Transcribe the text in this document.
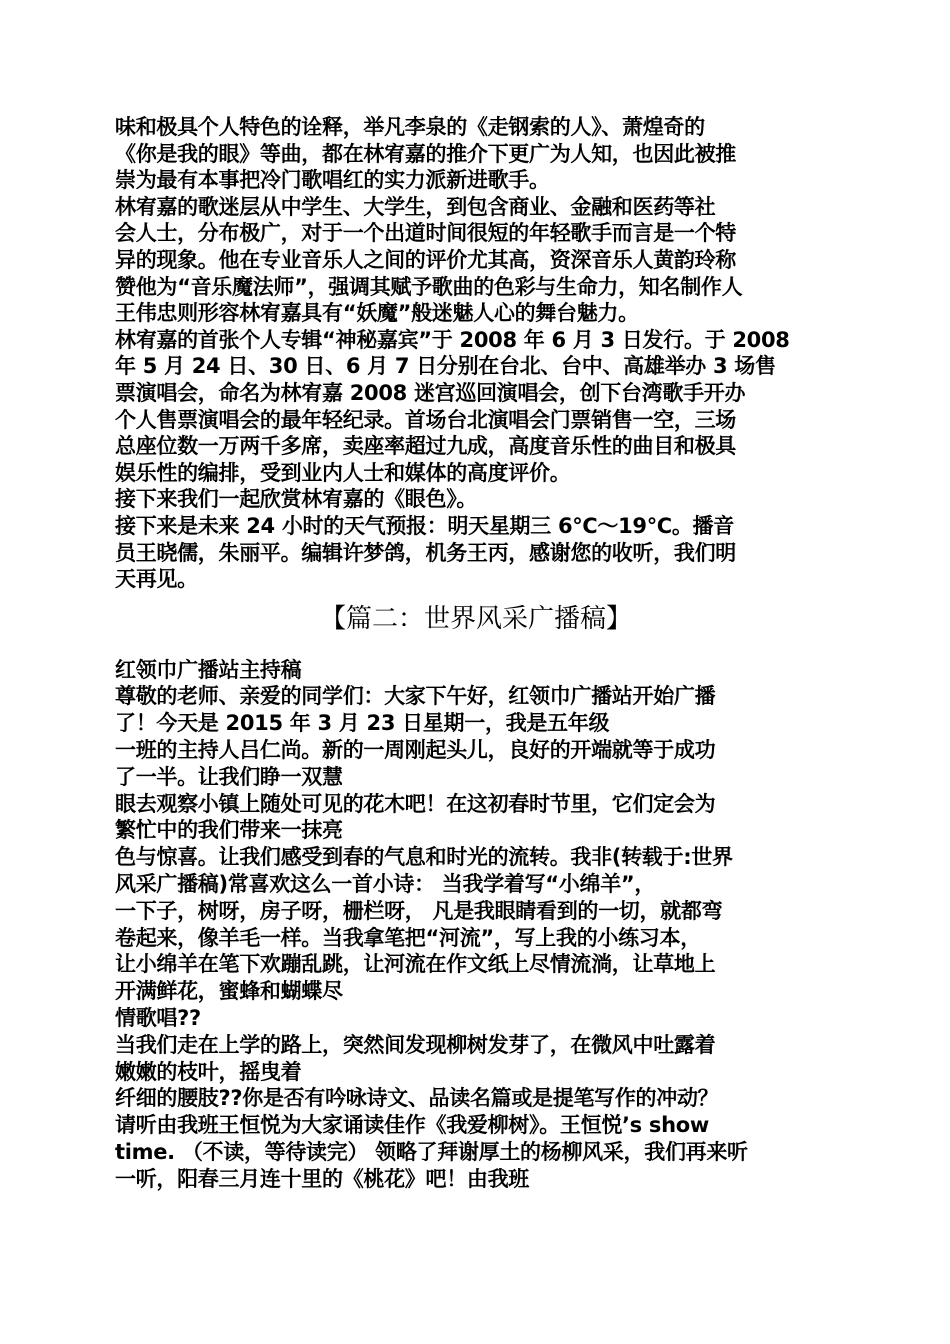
味和极具个人特色的诠释，举凡李泉的《走钢索的人》、萧煌奇的
《你是我的眼》等曲，都在林宥嘉的推介下更广为人知，也因此被推
崇为最有本事把冷门歌唱红的实力派新进歌手。
林宥嘉的歌迷层从中学生、大学生，到包含商业、金融和医药等社
会人士，分布极广，对于一个出道时间很短的年轻歌手而言是一个特
异的现象。他在专业音乐人之间的评价尤其高，资深音乐人黄韵玲称
赞他为“音乐魔法师”，强调其赋予歌曲的色彩与生命力，知名制作人
王伟忠则形容林宥嘉具有“妖魔”般迷魅人心的舞台魅力。
林宥嘉的首张个人专辑“神秘嘉宾”于 2008 年 6 月 3 日发行。于 2008
年 5 月 24 日、30 日、6 月 7 日分别在台北、台中、高雄举办 3 场售
票演唱会，命名为林宥嘉 2008 迷宫巡回演唱会，创下台湾歌手开办
个人售票演唱会的最年轻纪录。首场台北演唱会门票销售一空，三场
总座位数一万两千多席，卖座率超过九成，高度音乐性的曲目和极具
娱乐性的编排，受到业内人士和媒体的高度评价。
接下来我们一起欣赏林宥嘉的《眼色》。
接下来是未来 24 小时的天气预报：明天星期三 6℃～19℃。播音
员王晓儒，朱丽平。编辑许梦鸽，机务王丙，感谢您的收听，我们明
天再见。
【篇二：世界风采广播稿】
红领巾广播站主持稿
尊敬的老师、亲爱的同学们：大家下午好，红领巾广播站开始广播
了！今天是 2015 年 3 月 23 日星期一，我是五年级
一班的主持人吕仁尚。新的一周刚起头儿，良好的开端就等于成功
了一半。让我们睁一双慧
眼去观察小镇上随处可见的花木吧！在这初春时节里，它们定会为
繁忙中的我们带来一抹亮
色与惊喜。让我们感受到春的气息和时光的流转。我非(转载于:世界
风采广播稿)常喜欢这么一首小诗： 当我学着写“小绵羊”，
一下子，树呀，房子呀，栅栏呀， 凡是我眼睛看到的一切，就都弯
卷起来，像羊毛一样。当我拿笔把“河流”，写上我的小练习本，
让小绵羊在笔下欢蹦乱跳，让河流在作文纸上尽情流淌，让草地上
开满鲜花，蜜蜂和蝴蝶尽
情歌唱??
当我们走在上学的路上，突然间发现柳树发芽了，在微风中吐露着
嫩嫩的枝叶，摇曳着
纤细的腰肢??你是否有吟咏诗文、品读名篇或是提笔写作的冲动？
请听由我班王恒悦为大家诵读佳作《我爱柳树》。王恒悦’s show
time. （不读，等待读完） 领略了拜谢厚土的杨柳风采，我们再来听
一听，阳春三月连十里的《桃花》吧！由我班
